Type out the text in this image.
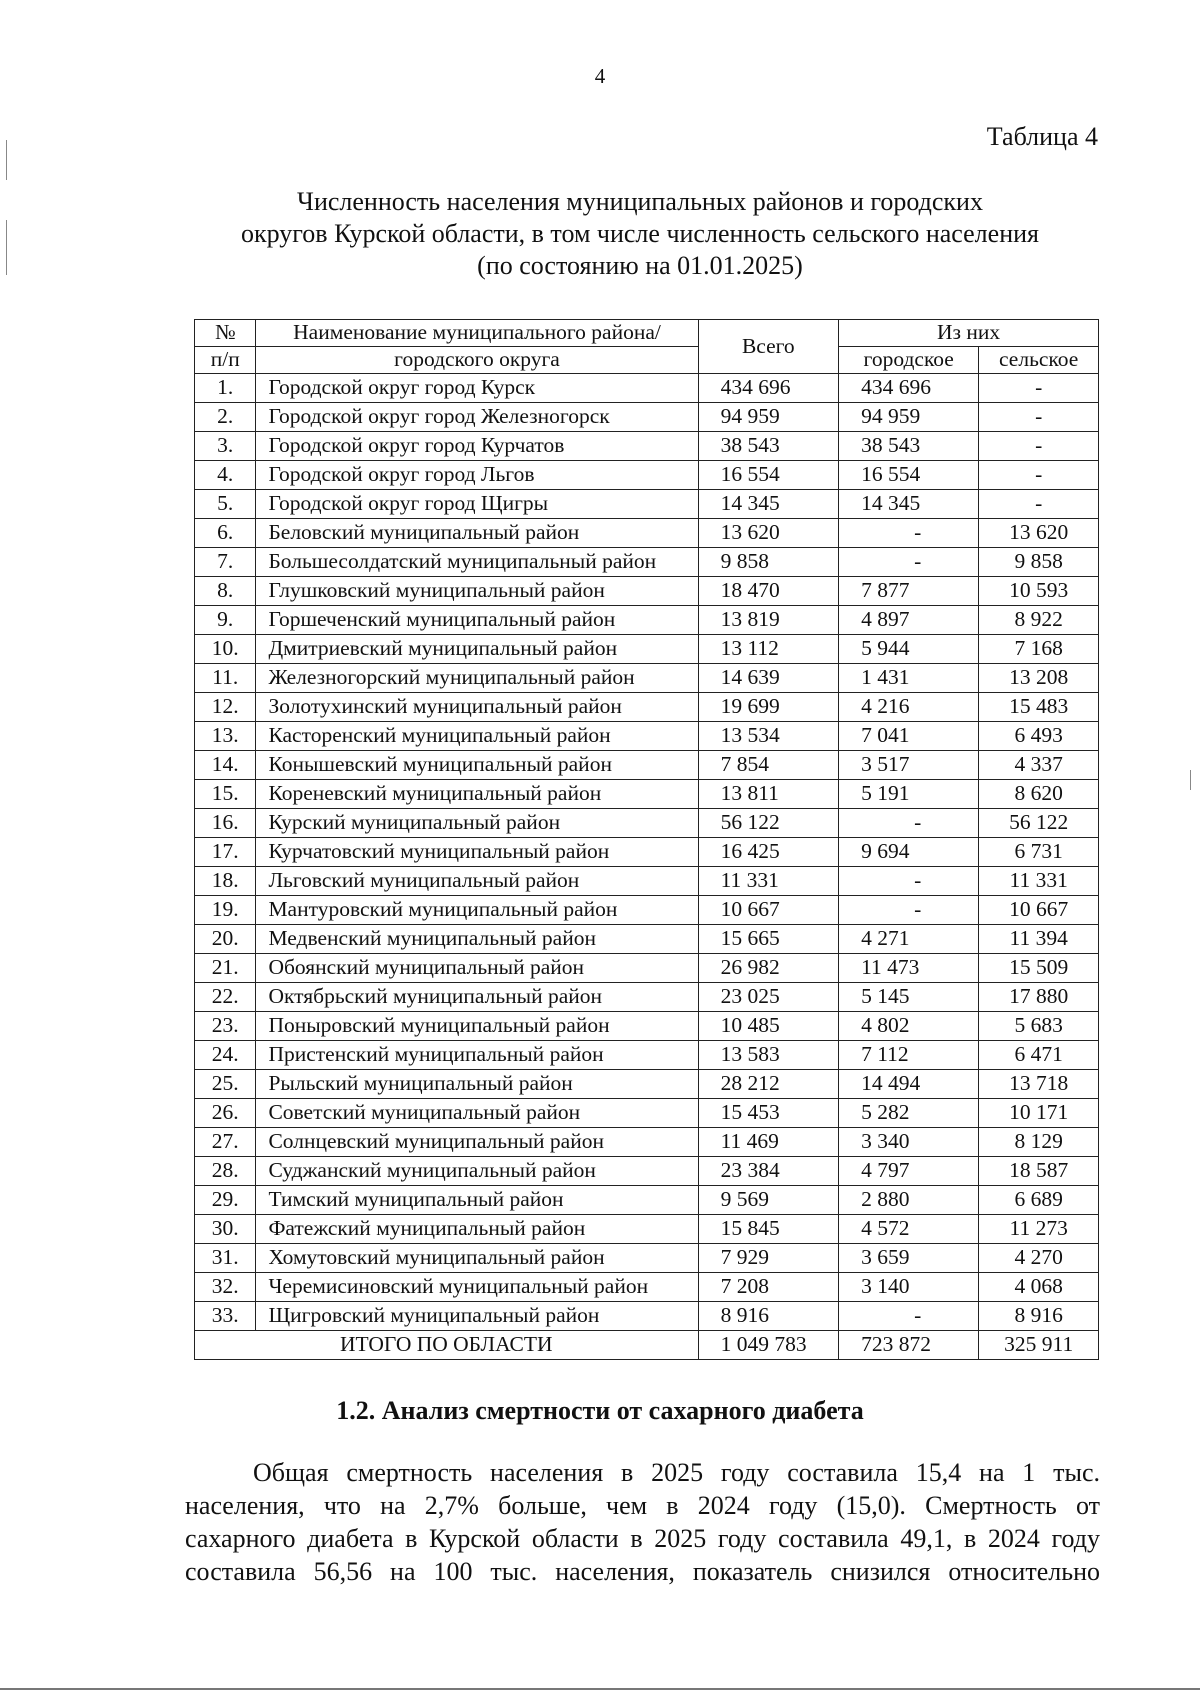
4
Таблица 4
Численность населения муниципальных районов и городских
округов Курской области, в том числе численность сельского населения
(по состоянию на 01.01.2025)
№	Наименование муниципального района/	Всего	Из них	
п/п	городского округа		городское	сельское
1.	Городской округ город Курск	434 696	434 696	-
2.	Городской округ город Железногорск	94 959	94 959	-
3.	Городской округ город Курчатов	38 543	38 543	-
4.	Городской округ город Льгов	16 554	16 554	-
5.	Городской округ город Щигры	14 345	14 345	-
6.	Беловский муниципальный район	13 620	-	13 620
7.	Большесолдатский муниципальный район	9 858	-	9 858
8.	Глушковский муниципальный район	18 470	7 877	10 593
9.	Горшеченский муниципальный район	13 819	4 897	8 922
10.	Дмитриевский муниципальный район	13 112	5 944	7 168
11.	Железногорский муниципальный район	14 639	1 431	13 208
12.	Золотухинский муниципальный район	19 699	4 216	15 483
13.	Касторенский муниципальный район	13 534	7 041	6 493
14.	Конышевский муниципальный район	7 854	3 517	4 337
15.	Кореневский муниципальный район	13 811	5 191	8 620
16.	Курский муниципальный район	56 122	-	56 122
17.	Курчатовский муниципальный район	16 425	9 694	6 731
18.	Льговский муниципальный район	11 331	-	11 331
19.	Мантуровский муниципальный район	10 667	-	10 667
20.	Медвенский муниципальный район	15 665	4 271	11 394
21.	Обоянский муниципальный район	26 982	11 473	15 509
22.	Октябрьский муниципальный район	23 025	5 145	17 880
23.	Поныровский муниципальный район	10 485	4 802	5 683
24.	Пристенский муниципальный район	13 583	7 112	6 471
25.	Рыльский муниципальный район	28 212	14 494	13 718
26.	Советский муниципальный район	15 453	5 282	10 171
27.	Солнцевский муниципальный район	11 469	3 340	8 129
28.	Суджанский муниципальный район	23 384	4 797	18 587
29.	Тимский муниципальный район	9 569	2 880	6 689
30.	Фатежский муниципальный район	15 845	4 572	11 273
31.	Хомутовский муниципальный район	7 929	3 659	4 270
32.	Черемисиновский муниципальный район	7 208	3 140	4 068
33.	Щигровский муниципальный район	8 916	-	8 916
ИТОГО ПО ОБЛАСТИ		1 049 783	723 872	325 911
1.2. Анализ смертности от сахарного диабета
Общая смертность населения в 2025 году составила 15,4 на 1 тыс.
населения, что на 2,7% больше, чем в 2024 году (15,0). Смертность от
сахарного диабета в Курской области в 2025 году составила 49,1, в 2024 году
составила 56,56 на 100 тыс. населения, показатель снизился относительно
